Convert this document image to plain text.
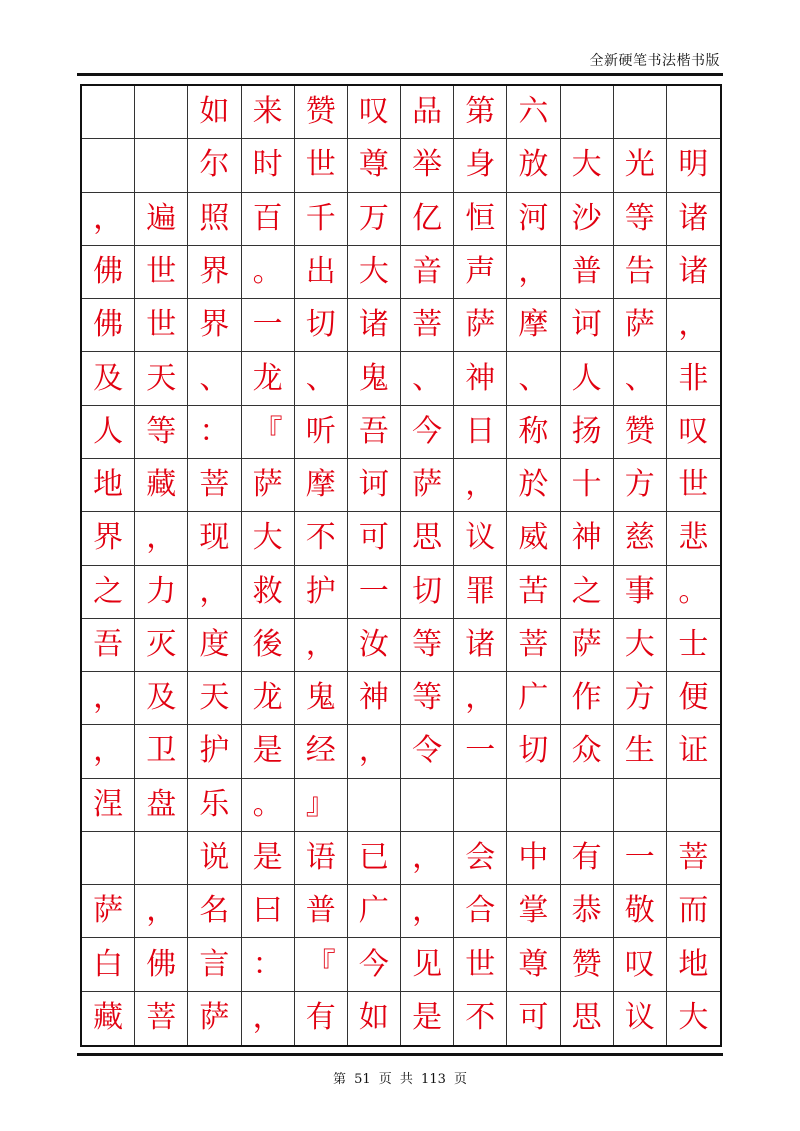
全新硬笔书法楷书版
如 来 赞 叹 品 第 六
尔 时 世 尊 举 身 放 大 光 明
， 遍 照 百 千 万 亿 恒 河 沙 等 诸
佛 世 界 。 出 大 音 声 ， 普 告 诸
佛 世 界 一 切 诸 菩 萨 摩 诃 萨 ，
及 天 、 龙 、 鬼 、 神 、 人 、 非
人 等 ： 『 听 吾 今 日 称 扬 赞 叹
地 藏 菩 萨 摩 诃 萨 ， 於 十 方 世
界 ， 现 大 不 可 思 议 威 神 慈 悲
之 力 ， 救 护 一 切 罪 苦 之 事 。
吾 灭 度 後 ， 汝 等 诸 菩 萨 大 士
， 及 天 龙 鬼 神 等 ， 广 作 方 便
， 卫 护 是 经 ， 令 一 切 众 生 证
涅 盘 乐 。 』
说 是 语 已 ， 会 中 有 一 菩
萨 ， 名 曰 普 广 ， 合 掌 恭 敬 而
白 佛 言 ： 『 今 见 世 尊 赞 叹 地
藏 菩 萨 ， 有 如 是 不 可 思 议 大
第 51 页 共 113 页
